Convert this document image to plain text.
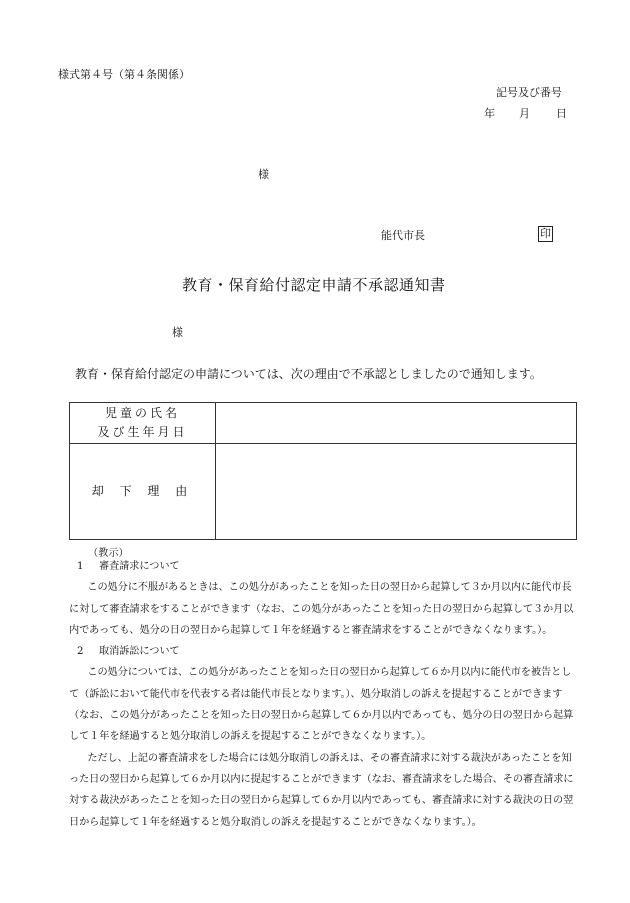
様式第４号（第４条関係）
記号及び番号
年 月 日
様
能代市長	印
教育・保育給付認定申請不承認通知書
様
教育・保育給付認定の申請については、次の理由で不承認としましたので通知します。
児童の氏名
及び生年月日	

却 下 理 由	
（教示）

1 審査請求について

この処分に不服があるときは、この処分があったことを知った日の翌日から起算して３か月以内に能代市長に対して審査請求をすることができます（なお、この処分があったことを知った日の翌日から起算して３か月以内であっても、処分の日の翌日から起算して１年を経過すると審査請求をすることができなくなります。）。

2 取消訴訟について

この処分については、この処分があったことを知った日の翌日から起算して６か月以内に能代市を被告として（訴訟において能代市を代表する者は能代市長となります。）、処分取消しの訴えを提起することができます（なお、この処分があったことを知った日の翌日から起算して６か月以内であっても、処分の日の翌日から起算して１年を経過すると処分取消しの訴えを提起することができなくなります。）。

ただし、上記の審査請求をした場合には処分取消しの訴えは、その審査請求に対する裁決があったことを知った日の翌日から起算して６か月以内に提起することができます（なお、審査請求をした場合、その審査請求に対する裁決があったことを知った日の翌日から起算して６か月以内であっても、審査請求に対する裁決の日の翌日から起算して１年を経過すると処分取消しの訴えを提起することができなくなります。）。
